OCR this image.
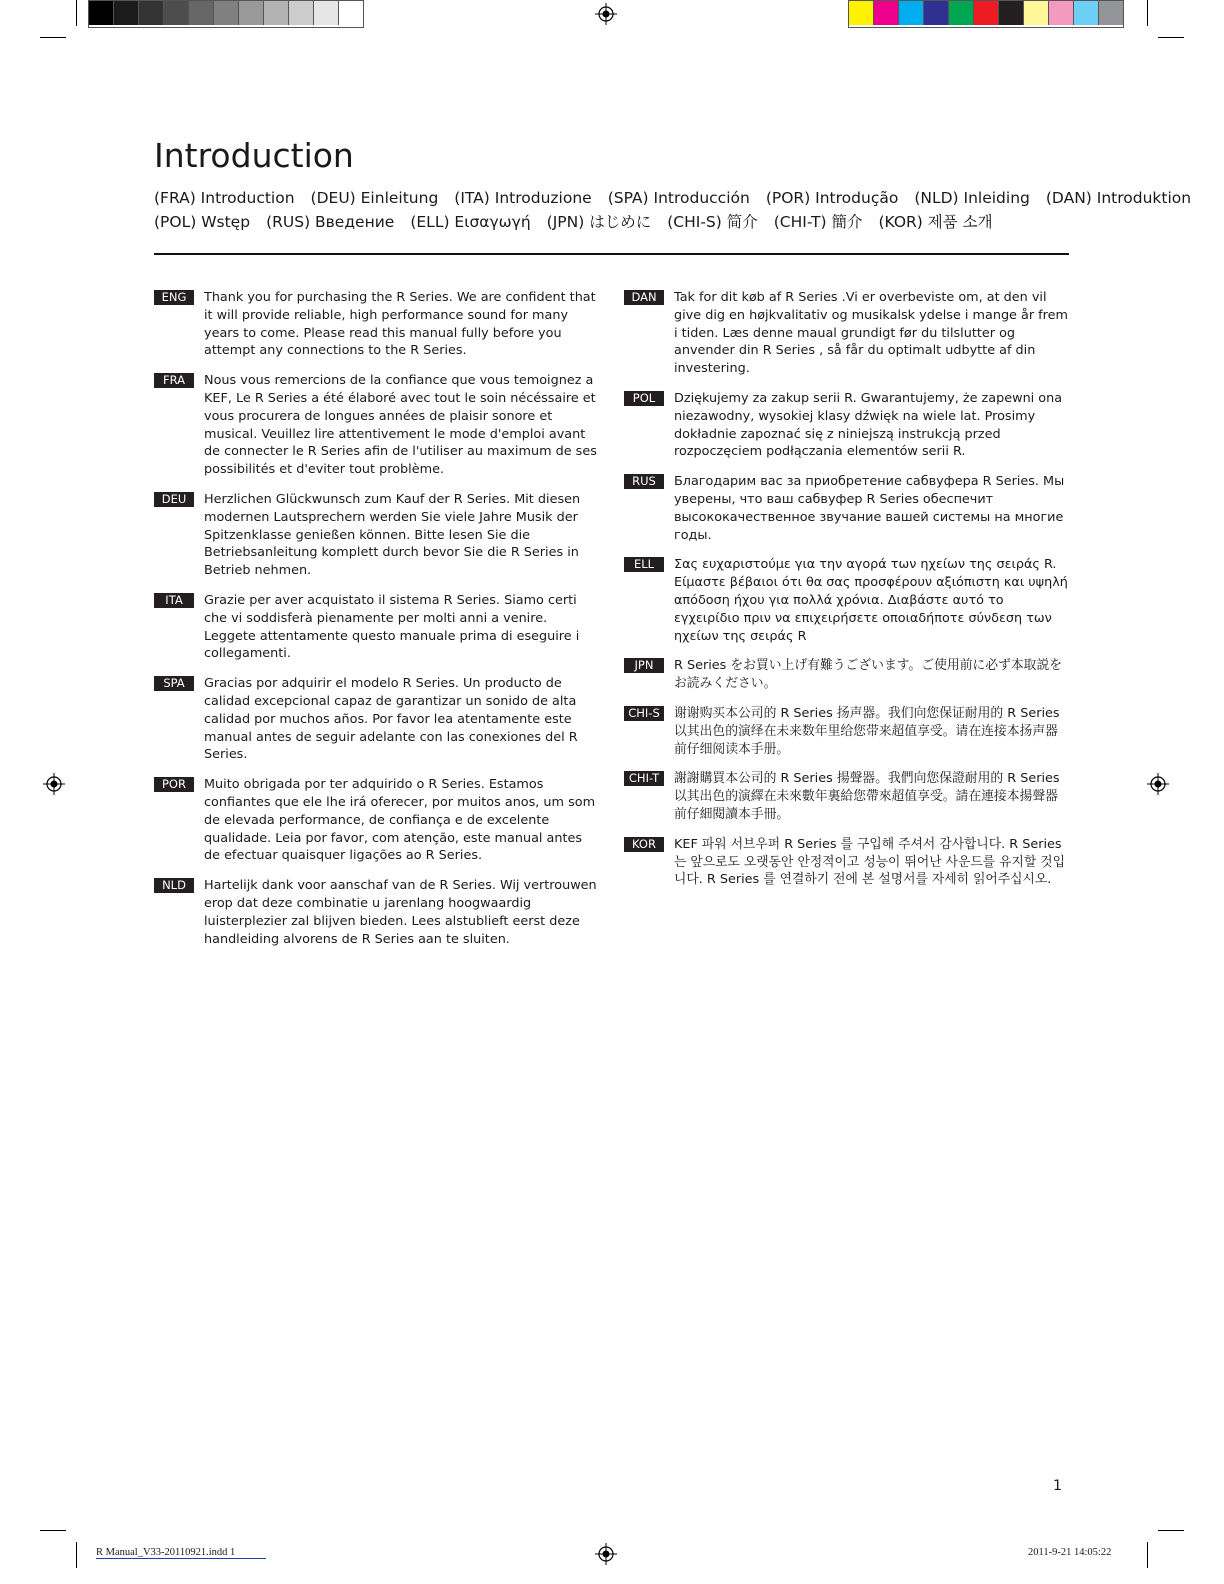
Introduction
(FRA) Introduction (DEU) Einleitung (ITA) Introduzione (SPA) Introducción (POR) Introdução (NLD) Inleiding (DAN) Introduktion
(POL) Wstęp (RUS) Введение (ELL) Εισαγωγή (JPN) はじめに (CHI-S) 简介 (CHI-T) 簡介 (KOR) 제품 소개
ENG	Thank you for purchasing the R Series. We are confident that it will provide reliable, high performance sound for many years to come. Please read this manual fully before you attempt any connections to the R Series.
FRA	Nous vous remercions de la confiance que vous temoignez a KEF, Le R Series a été élaboré avec tout le soin nécéssaire et vous procurera de longues années de plaisir sonore et musical. Veuillez lire attentivement le mode d'emploi avant de connecter le R Series afin de l'utiliser au maximum de ses possibilités et d'eviter tout problème.
DEU	Herzlichen Glückwunsch zum Kauf der R Series. Mit diesen modernen Lautsprechern werden Sie viele Jahre Musik der Spitzenklasse genießen können. Bitte lesen Sie die Betriebsanleitung komplett durch bevor Sie die R Series in Betrieb nehmen.
ITA	Grazie per aver acquistato il sistema R Series. Siamo certi che vi soddisferà pienamente per molti anni a venire. Leggete attentamente questo manuale prima di eseguire i collegamenti.
SPA	Gracias por adquirir el modelo R Series. Un producto de calidad excepcional capaz de garantizar un sonido de alta calidad por muchos años. Por favor lea atentamente este manual antes de seguir adelante con las conexiones del R Series.
POR	Muito obrigada por ter adquirido o R Series. Estamos confiantes que ele lhe irá oferecer, por muitos anos, um som de elevada performance, de confiança e de excelente qualidade. Leia por favor, com atenção, este manual antes de efectuar quaisquer ligações ao R Series.
NLD	Hartelijk dank voor aanschaf van de R Series. Wij vertrouwen erop dat deze combinatie u jarenlang hoogwaardig luisterplezier zal blijven bieden. Lees alstublieft eerst deze handleiding alvorens de R Series aan te sluiten.
DAN	Tak for dit køb af R Series .Vi er overbeviste om, at den vil give dig en højkvalitativ og musikalsk ydelse i mange år frem i tiden. Læs denne maual grundigt før du tilslutter og anvender din R Series , så får du optimalt udbytte af din investering.
POL	Dziękujemy za zakup serii R. Gwarantujemy, że zapewni ona niezawodny, wysokiej klasy dźwięk na wiele lat. Prosimy dokładnie zapoznać się z niniejszą instrukcją przed rozpoczęciem podłączania elementów serii R.
RUS	Благодарим вас за приобретение сабвуфера R Series. Мы уверены, что ваш сабвуфер R Series обеспечит высококачественное звучание вашей системы на многие годы.
ELL	Σας ευχαριστούμε για την αγορά των ηχείων της σειράς R. Είμαστε βέβαιοι ότι θα σας προσφέρουν αξιόπιστη και υψηλή απόδοση ήχου για πολλά χρόνια. Διαβάστε αυτό το εγχειρίδιο πριν να επιχειρήσετε οποιαδήποτε σύνδεση των ηχείων της σειράς R
JPN	R Series をお買い上げ有難うございます。ご使用前に必ず本取説をお読みください。
CHI-S	谢谢购买本公司的 R Series 扬声器。我们向您保证耐用的 R Series 以其出色的演绎在未来数年里给您带来超值享受。请在连接本扬声器前仔细阅读本手册。
CHI-T	謝謝購買本公司的 R Series 揚聲器。我們向您保證耐用的 R Series 以其出色的演繹在未來數年裏給您帶來超值享受。請在連接本揚聲器前仔細閱讀本手冊。
KOR	KEF 파워 서브우퍼 R Series 를 구입해 주셔서 감사합니다. R Series 는 앞으로도 오랫동안 안정적이고 성능이 뛰어난 사운드를 유지할 것입니다. R Series 를 연결하기 전에 본 설명서를 자세히 읽어주십시오.
1
R Manual_V33-20110921.indd 1	2011-9-21 14:05:22
